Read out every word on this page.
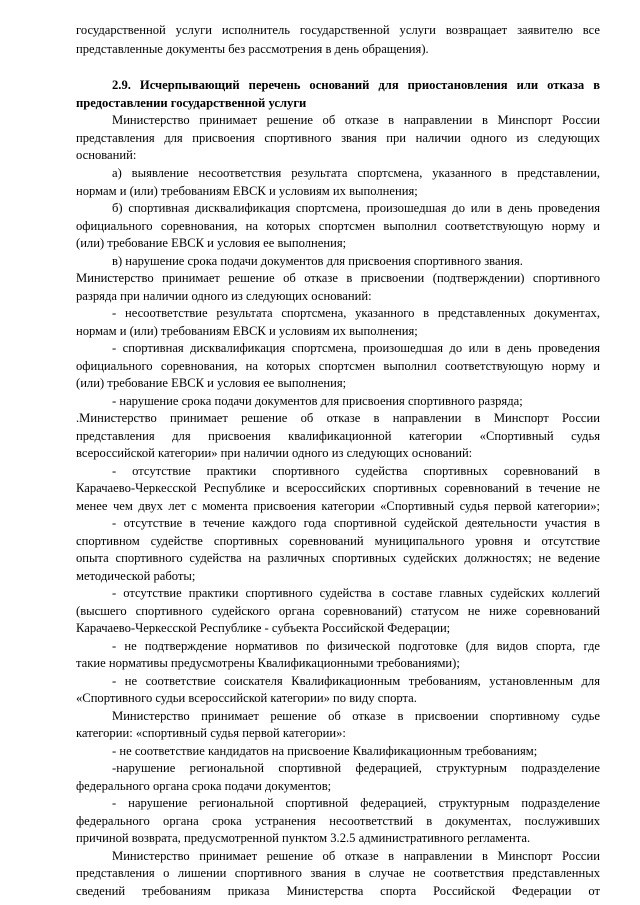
государственной услуги исполнитель государственной услуги возвращает заявителю все
представленные документы без рассмотрения в день обращения).
2.9. Исчерпывающий перечень оснований для приостановления или отказа в
предоставлении государственной услуги
Министерство принимает решение об отказе в направлении в Минспорт России
представления для присвоения спортивного звания при наличии одного из следующих
оснований:
а) выявление несоответствия результата спортсмена, указанного в представлении,
нормам и (или) требованиям ЕВСК и условиям их выполнения;
б) спортивная дисквалификация спортсмена, произошедшая до или в день проведения
официального соревнования, на которых спортсмен выполнил соответствующую норму и
(или) требование ЕВСК и условия ее выполнения;
в) нарушение срока подачи документов для присвоения спортивного звания.
Министерство принимает решение об отказе в присвоении (подтверждении) спортивного
разряда при наличии одного из следующих оснований:
- несоответствие результата спортсмена, указанного в представленных документах,
нормам и (или) требованиям ЕВСК и условиям их выполнения;
- спортивная дисквалификация спортсмена, произошедшая до или в день проведения
официального соревнования, на которых спортсмен выполнил соответствующую норму и
(или) требование ЕВСК и условия ее выполнения;
- нарушение срока подачи документов для присвоения спортивного разряда;
.Министерство принимает решение об отказе в направлении в Минспорт России
представления для присвоения квалификационной категории «Спортивный судья
всероссийской категории» при наличии одного из следующих оснований:
- отсутствие практики спортивного судейства спортивных соревнований в
Карачаево-Черкесской Республике и всероссийских спортивных соревнований в течение не
менее чем двух лет с момента присвоения категории «Спортивный судья первой категории»;
- отсутствие в течение каждого года спортивной судейской деятельности участия в
спортивном судействе спортивных соревнований муниципального уровня и отсутствие
опыта спортивного судейства на различных спортивных судейских должностях; не ведение
методической работы;
- отсутствие практики спортивного судейства в составе главных судейских коллегий
(высшего спортивного судейского органа соревнований) статусом не ниже соревнований
Карачаево-Черкесской Республике - субъекта Российской Федерации;
- не подтверждение нормативов по физической подготовке (для видов спорта, где
такие нормативы предусмотрены Квалификационными требованиями);
- не соответствие соискателя Квалификационным требованиям, установленным для
«Спортивного судьи всероссийской категории» по виду спорта.
Министерство принимает решение об отказе в присвоении спортивному судье
категории: «спортивный судья первой категории»:
- не соответствие кандидатов на присвоение Квалификационным требованиям;
-нарушение региональной спортивной федерацией, структурным подразделение
федерального органа срока подачи документов;
- нарушение региональной спортивной федерацией, структурным подразделение
федерального органа срока устранения несоответствий в документах, послуживших
причиной возврата, предусмотренной пунктом 3.2.5 административного регламента.
Министерство принимает решение об отказе в направлении в Минспорт России
представления о лишении спортивного звания в случае не соответствия представленных
сведений требованиям приказа Министерства спорта Российской Федерации от
